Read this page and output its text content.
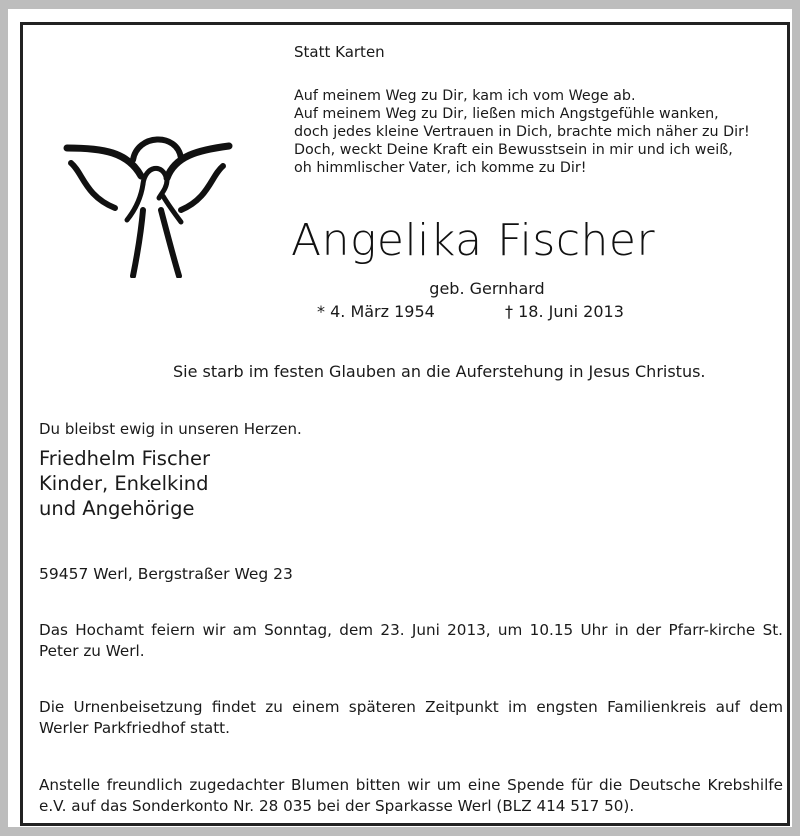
Statt Karten
Auf meinem Weg zu Dir, kam ich vom Wege ab.
Auf meinem Weg zu Dir, ließen mich Angstgefühle wanken,
doch jedes kleine Vertrauen in Dich, brachte mich näher zu Dir!
Doch, weckt Deine Kraft ein Bewusstsein in mir und ich weiß,
oh himmlischer Vater, ich komme zu Dir!
Angelika Fischer
geb. Gernhard
* 4. März 1954	† 18. Juni 2013
Sie starb im festen Glauben an die Auferstehung in Jesus Christus.
Du bleibst ewig in unseren Herzen.
Friedhelm Fischer
Kinder, Enkelkind
und Angehörige
59457 Werl, Bergstraßer Weg 23
Das Hochamt feiern wir am Sonntag, dem 23. Juni 2013, um 10.15 Uhr in der Pfarr-kirche St. Peter zu Werl.
Die Urnenbeisetzung findet zu einem späteren Zeitpunkt im engsten Familienkreis auf dem Werler Parkfriedhof statt.
Anstelle freundlich zugedachter Blumen bitten wir um eine Spende für die Deutsche Krebshilfe e.V. auf das Sonderkonto Nr. 28 035 bei der Sparkasse Werl (BLZ 414 517 50).
